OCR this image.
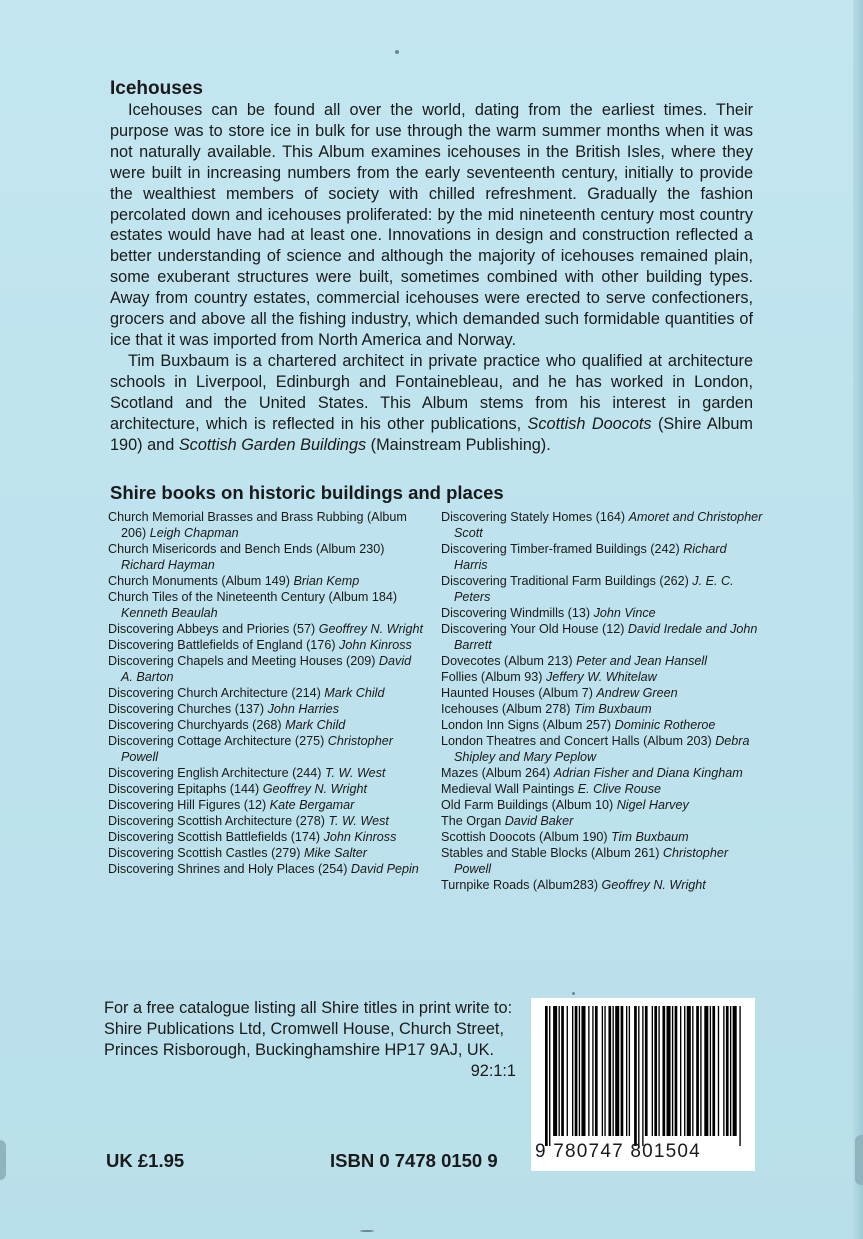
Icehouses

Icehouses can be found all over the world, dating from the earliest times. Their purpose was to store ice in bulk for use through the warm summer months when it was not naturally available. This Album examines icehouses in the British Isles, where they were built in increasing numbers from the early seventeenth century, initially to provide the wealthiest members of society with chilled refreshment. Gradually the fashion percolated down and icehouses proliferated: by the mid nineteenth century most country estates would have had at least one. Innovations in design and construction reflected a better understanding of science and although the majority of icehouses remained plain, some exuberant structures were built, sometimes combined with other building types. Away from country estates, commercial icehouses were erected to serve confectioners, grocers and above all the fishing industry, which demanded such formidable quantities of ice that it was imported from North America and Norway.

Tim Buxbaum is a chartered architect in private practice who qualified at architecture schools in Liverpool, Edinburgh and Fontainebleau, and he has worked in London, Scotland and the United States. This Album stems from his interest in garden architecture, which is reflected in his other publications, Scottish Doocots (Shire Album 190) and Scottish Garden Buildings (Mainstream Publishing).

Shire books on historic buildings and places
Church Memorial Brasses and Brass Rubbing (Album 206) Leigh Chapman
Church Misericords and Bench Ends (Album 230) Richard Hayman
Church Monuments (Album 149) Brian Kemp
Church Tiles of the Nineteenth Century (Album 184) Kenneth Beaulah
Discovering Abbeys and Priories (57) Geoffrey N. Wright
Discovering Battlefields of England (176) John Kinross
Discovering Chapels and Meeting Houses (209) David A. Barton
Discovering Church Architecture (214) Mark Child
Discovering Churches (137) John Harries
Discovering Churchyards (268) Mark Child
Discovering Cottage Architecture (275) Christopher Powell
Discovering English Architecture (244) T. W. West
Discovering Epitaphs (144) Geoffrey N. Wright
Discovering Hill Figures (12) Kate Bergamar
Discovering Scottish Architecture (278) T. W. West
Discovering Scottish Battlefields (174) John Kinross
Discovering Scottish Castles (279) Mike Salter
Discovering Shrines and Holy Places (254) David Pepin
Discovering Stately Homes (164) Amoret and Christopher Scott
Discovering Timber-framed Buildings (242) Richard Harris
Discovering Traditional Farm Buildings (262) J. E. C. Peters
Discovering Windmills (13) John Vince
Discovering Your Old House (12) David Iredale and John Barrett
Dovecotes (Album 213) Peter and Jean Hansell
Follies (Album 93) Jeffery W. Whitelaw
Haunted Houses (Album 7) Andrew Green
Icehouses (Album 278) Tim Buxbaum
London Inn Signs (Album 257) Dominic Rotheroe
London Theatres and Concert Halls (Album 203) Debra Shipley and Mary Peplow
Mazes (Album 264) Adrian Fisher and Diana Kingham
Medieval Wall Paintings E. Clive Rouse
Old Farm Buildings (Album 10) Nigel Harvey
The Organ David Baker
Scottish Doocots (Album 190) Tim Buxbaum
Stables and Stable Blocks (Album 261) Christopher Powell
Turnpike Roads (Album283) Geoffrey N. Wright
For a free catalogue listing all Shire titles in print write to:
Shire Publications Ltd, Cromwell House, Church Street,
Princes Risborough, Buckinghamshire HP17 9AJ, UK.
92:1:1
UK £1.95	ISBN 0 7478 0150 9 9 780747 801504
